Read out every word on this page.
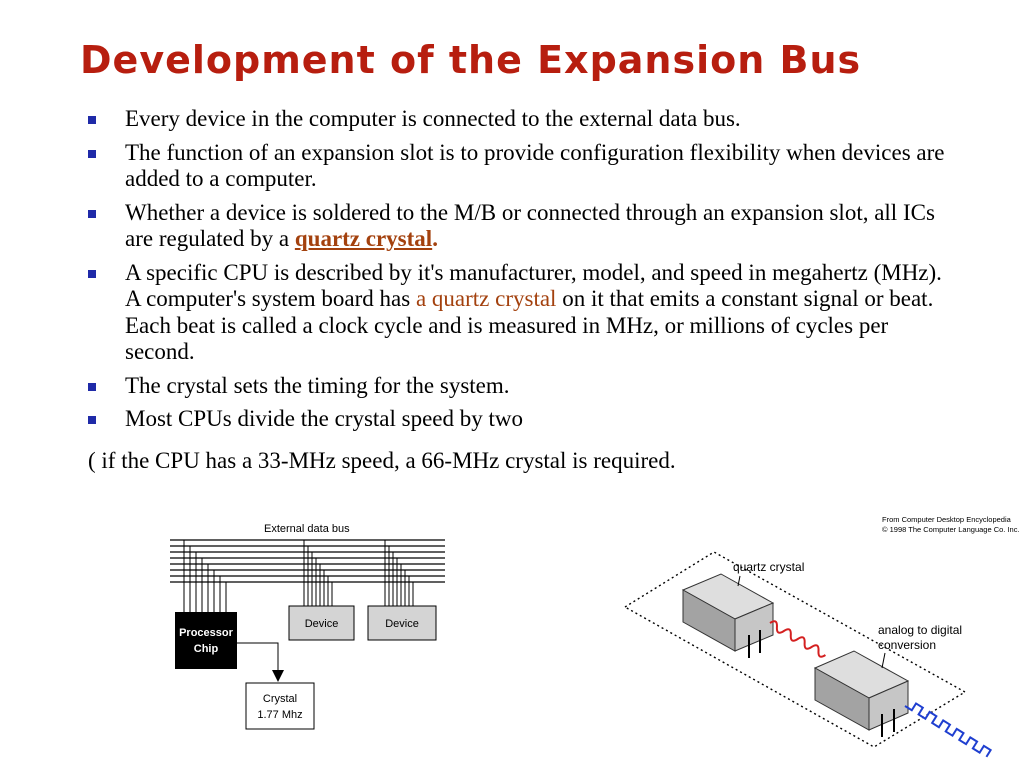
Development of the Expansion Bus
Every device in the computer is connected to the external data bus.
The function of an expansion slot is to provide configuration flexibility when devices are added to a computer.
Whether a device is soldered to the M/B or connected through an expansion slot, all ICs are regulated by a quartz crystal.
A specific CPU is described by it's manufacturer, model, and speed in megahertz (MHz). A computer's system board has a quartz crystal on it that emits a constant signal or beat. Each beat is called a clock cycle and is measured in MHz, or millions of cycles per second.
The crystal sets the timing for the system.
Most CPUs divide the crystal speed by two
( if the CPU has a 33-MHz speed, a 66-MHz crystal is required.
External data bus
Device	Device
Processor
Chip
Crystal
1.77 Mhz
From Computer Desktop Encyclopedia
© 1998 The Computer Language Co. Inc.
quartz crystal
analog to digital
conversion
